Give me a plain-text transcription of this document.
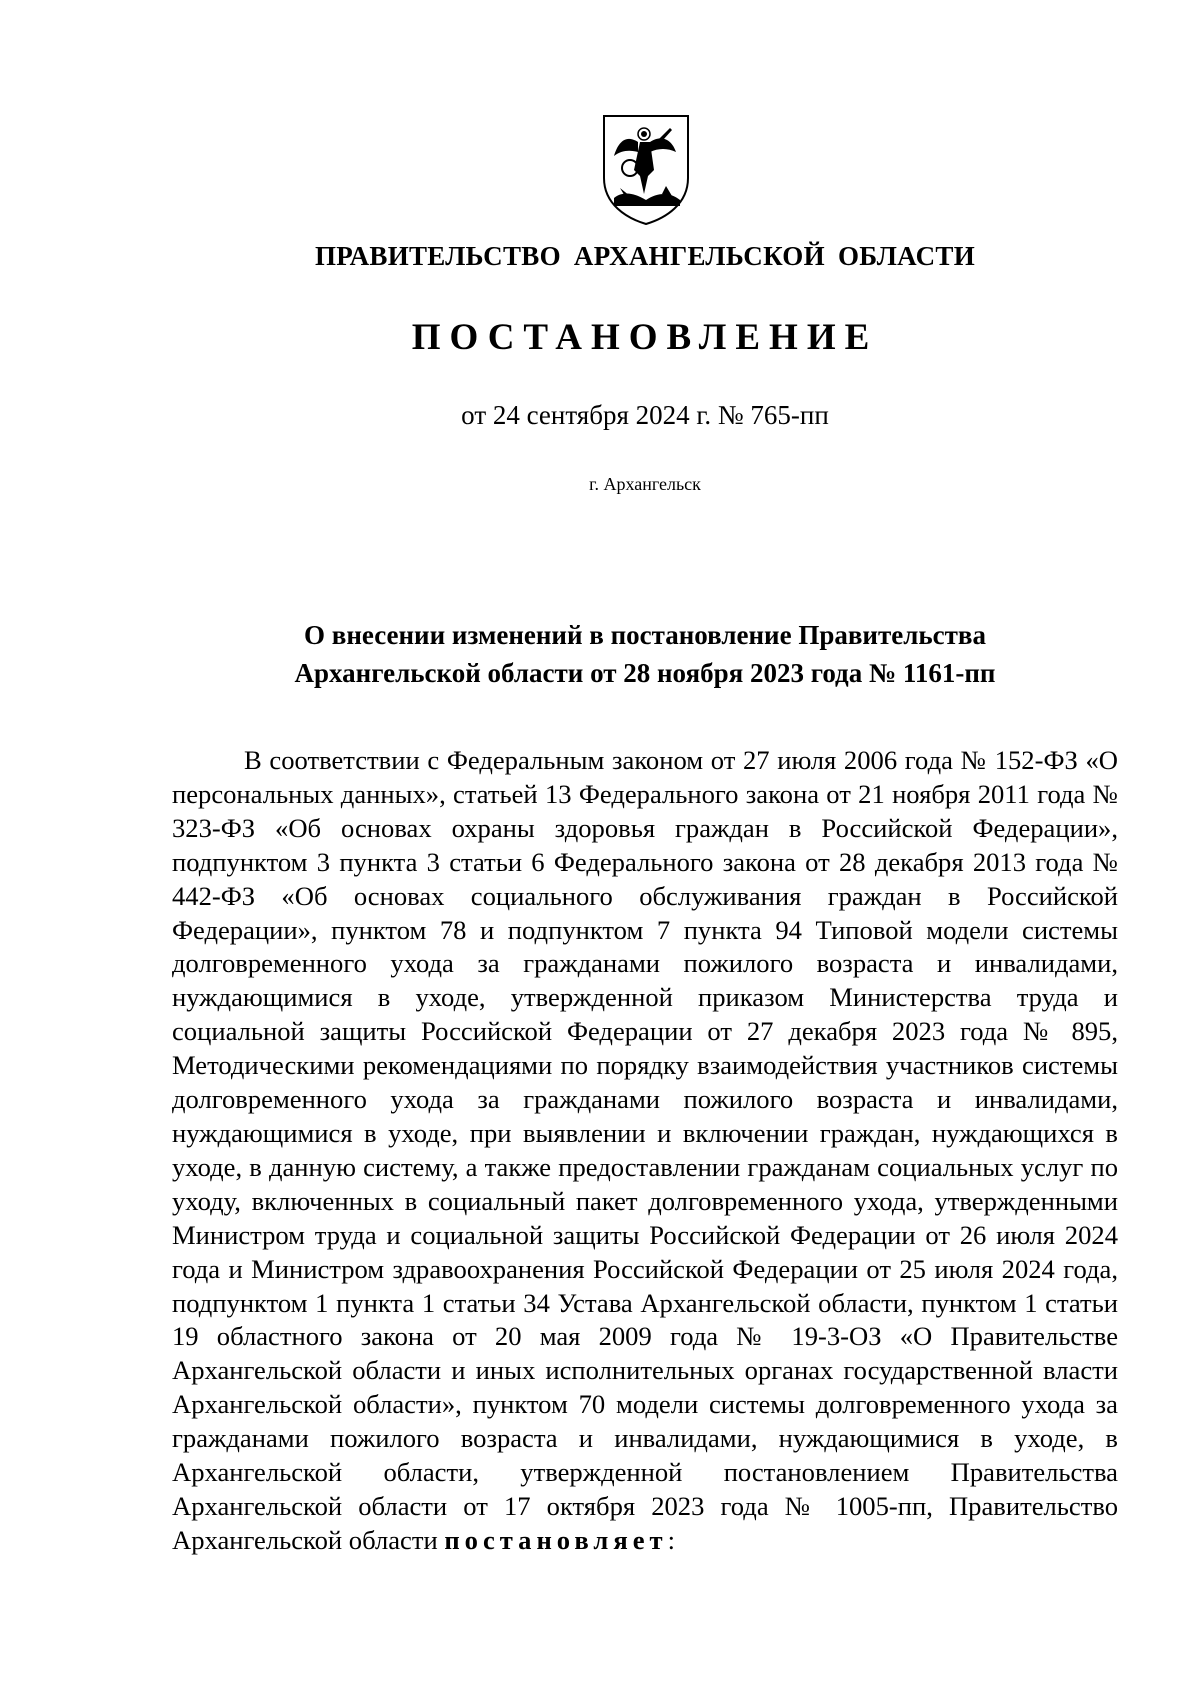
ПРАВИТЕЛЬСТВО АРХАНГЕЛЬСКОЙ ОБЛАСТИ
ПОСТАНОВЛЕНИЕ
от 24 сентября 2024 г. № 765-пп
г. Архангельск
О внесении изменений в постановление Правительства
Архангельской области от 28 ноября 2023 года № 1161-пп

В соответствии с Федеральным законом от 27 июля 2006 года № 152-ФЗ «О персональных данных», статьей 13 Федерального закона от 21 ноября 2011 года № 323-ФЗ «Об основах охраны здоровья граждан в Российской Федерации», подпунктом 3 пункта 3 статьи 6 Федерального закона от 28 декабря 2013 года № 442-ФЗ «Об основах социального обслуживания граждан в Российской Федерации», пунктом 78 и подпунктом 7 пункта 94 Типовой модели системы долговременного ухода за гражданами пожилого возраста и инвалидами, нуждающимися в уходе, утвержденной приказом Министерства труда и социальной защиты Российской Федерации от 27 декабря 2023 года № 895, Методическими рекомендациями по порядку взаимодействия участников системы долговременного ухода за гражданами пожилого возраста и инвалидами, нуждающимися в уходе, при выявлении и включении граждан, нуждающихся в уходе, в данную систему, а также предоставлении гражданам социальных услуг по уходу, включенных в социальный пакет долговременного ухода, утвержденными Министром труда и социальной защиты Российской Федерации от 26 июля 2024 года и Министром здравоохранения Российской Федерации от 25 июля 2024 года, подпунктом 1 пункта 1 статьи 34 Устава Архангельской области, пунктом 1 статьи 19 областного закона от 20 мая 2009 года № 19-3-ОЗ «О Правительстве Архангельской области и иных исполнительных органах государственной власти Архангельской области», пунктом 70 модели системы долговременного ухода за гражданами пожилого возраста и инвалидами, нуждающимися в уходе, в Архангельской области, утвержденной постановлением Правительства Архангельской области от 17 октября 2023 года № 1005-пп, Правительство Архангельской области постановляет:
